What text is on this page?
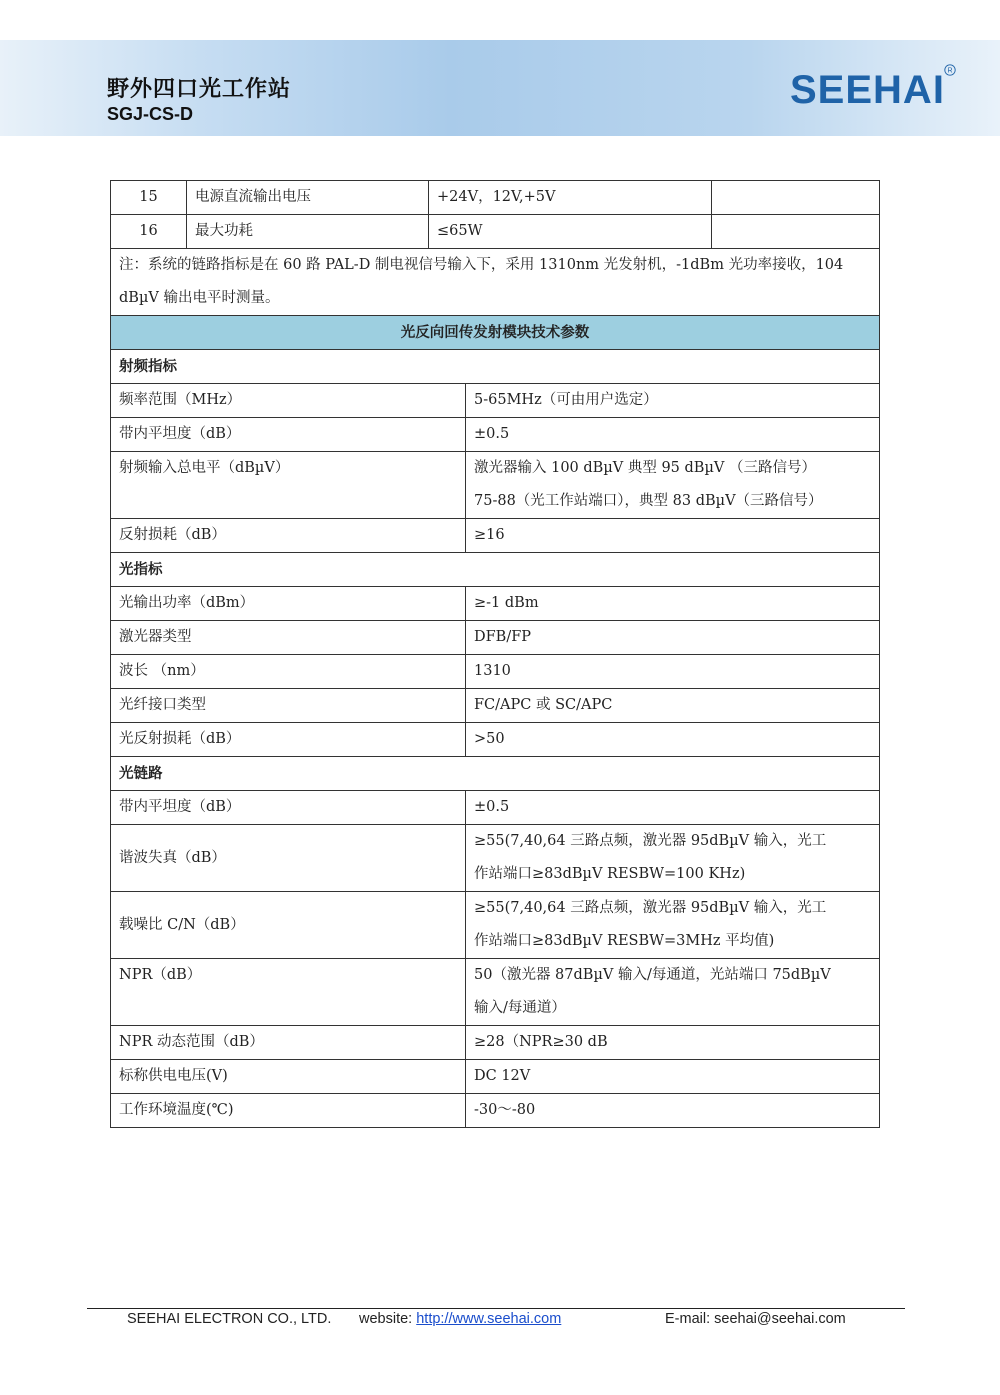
野外四口光工作站
SGJ-CS-D
SEEHAI R
15	电源直流输出电压	+24V，12V,+5V		
16	最大功耗	≤65W		
注：系统的链路指标是在 60 路 PAL-D 制电视信号输入下，采用 1310nm 光发射机，-1dBm 光功率接收，104 dBµV 输出电平时测量。				
光反向回传发射模块技术参数				
射频指标				
频率范围（MHz）			5-65MHz（可由用户选定）	
带内平坦度（dB）			±0.5	
射频输入总电平（dBµV）			激光器输入 100 dBµV 典型 95 dBµV （三路信号）
75-88（光工作站端口），典型 83 dBµV（三路信号）	

反射损耗（dB）			≥16	
光指标				
光输出功率（dBm）			≥-1 dBm	
激光器类型			DFB/FP	
波长 （nm）			1310	
光纤接口类型			FC/APC 或 SC/APC	
光反射损耗（dB）			>50	
光链路				
带内平坦度（dB）			±0.5	
谐波失真（dB）			≥55(7,40,64 三路点频，激光器 95dBµV 输入，光工
作站端口≥83dBµV RESBW=100 KHz)	

载噪比 C/N（dB）			≥55(7,40,64 三路点频，激光器 95dBµV 输入，光工
作站端口≥83dBµV RESBW=3MHz 平均值)	

NPR（dB）			50（激光器 87dBµV 输入/每通道，光站端口 75dBµV
输入/每通道）	

NPR 动态范围（dB）			≥28（NPR≥30 dB	
标称供电电压(V)			DC 12V	
工作环境温度(℃)			-30～-80	
SEEHAI ELECTRON CO., LTD. website: http://www.seehai.com	E-mail: seehai@seehai.com
